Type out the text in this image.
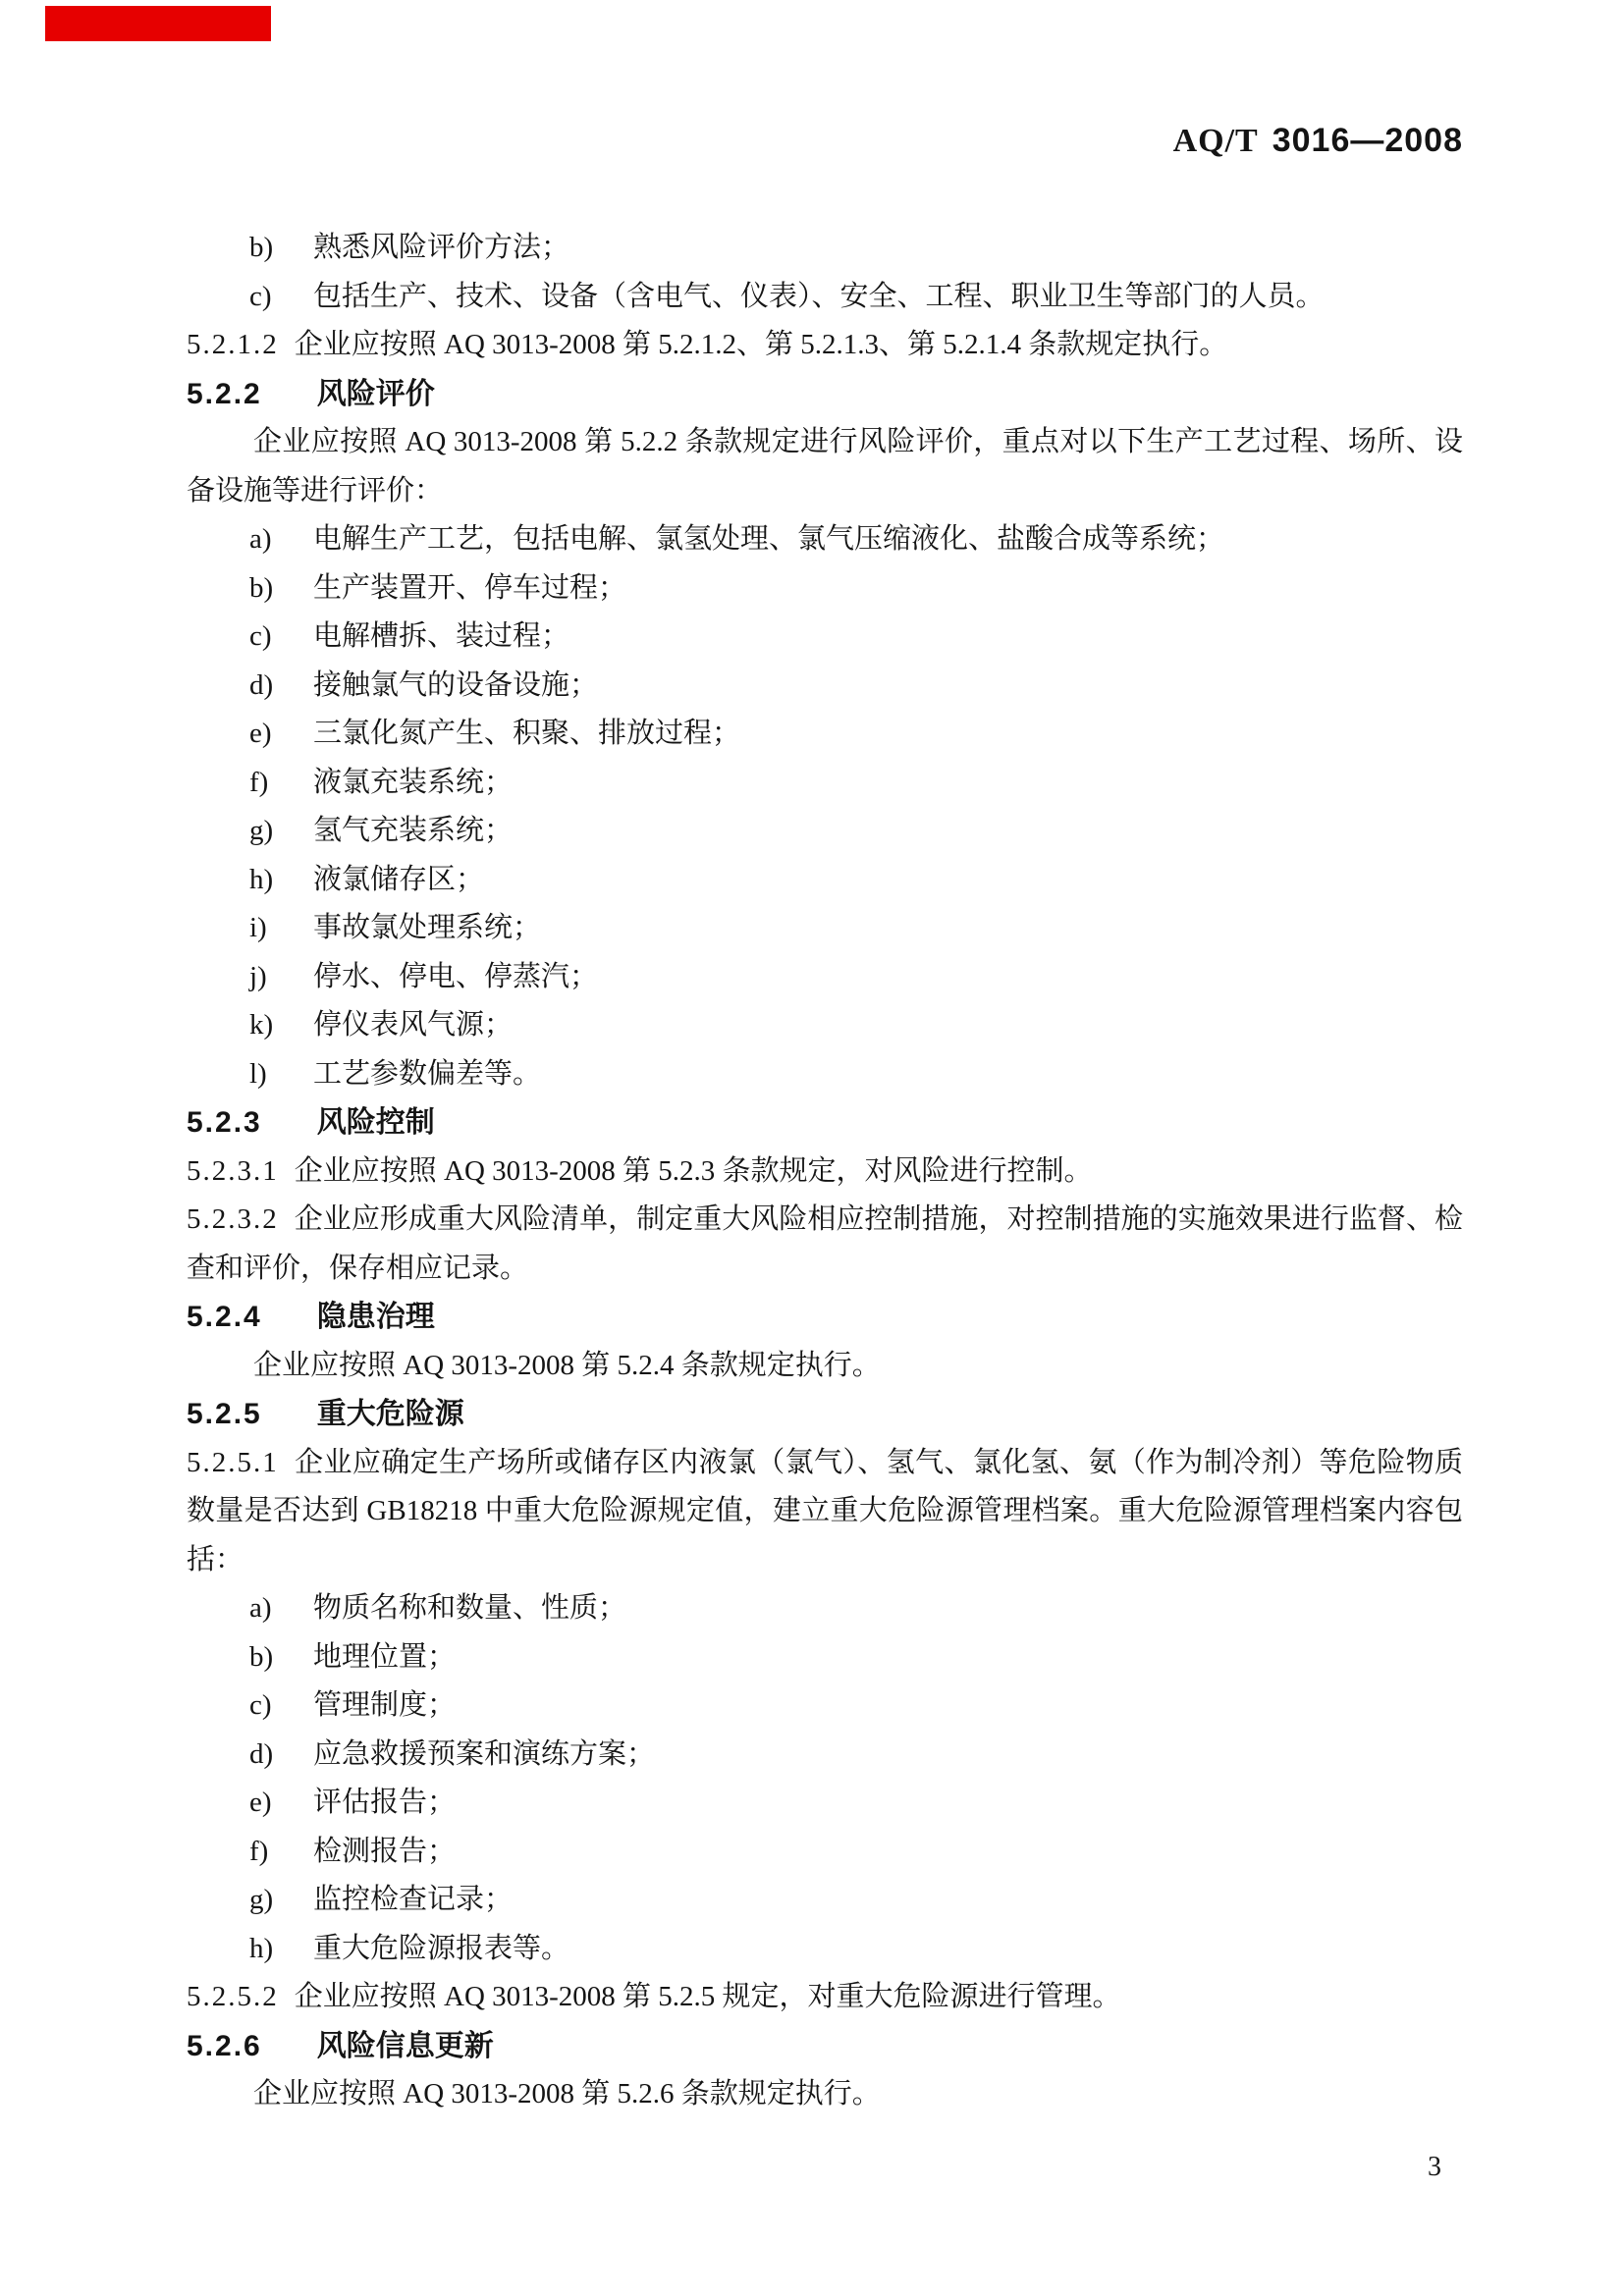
AQ/T 3016—2008
b)	熟悉风险评价方法；
c)	包括生产、技术、设备（含电气、仪表）、安全、工程、职业卫生等部门的人员。
5.2.1.2 企业应按照 AQ 3013-2008 第 5.2.1.2、第 5.2.1.3、第 5.2.1.4 条款规定执行。
5.2.2 风险评价
企业应按照 AQ 3013-2008 第 5.2.2 条款规定进行风险评价，重点对以下生产工艺过程、场所、设备设施等进行评价：
a)	电解生产工艺，包括电解、氯氢处理、氯气压缩液化、盐酸合成等系统；
b)	生产装置开、停车过程；
c)	电解槽拆、装过程；
d)	接触氯气的设备设施；
e)	三氯化氮产生、积聚、排放过程；
f)	液氯充装系统；
g)	氢气充装系统；
h)	液氯储存区；
i)	事故氯处理系统；
j)	停水、停电、停蒸汽；
k)	停仪表风气源；
l)	工艺参数偏差等。
5.2.3 风险控制
5.2.3.1 企业应按照 AQ 3013-2008 第 5.2.3 条款规定，对风险进行控制。
5.2.3.2 企业应形成重大风险清单，制定重大风险相应控制措施，对控制措施的实施效果进行监督、检查和评价，保存相应记录。
5.2.4 隐患治理
企业应按照 AQ 3013-2008 第 5.2.4 条款规定执行。
5.2.5 重大危险源
5.2.5.1 企业应确定生产场所或储存区内液氯（氯气）、氢气、氯化氢、氨（作为制冷剂）等危险物质数量是否达到 GB18218 中重大危险源规定值，建立重大危险源管理档案。重大危险源管理档案内容包括：
a)	物质名称和数量、性质；
b)	地理位置；
c)	管理制度；
d)	应急救援预案和演练方案；
e)	评估报告；
f)	检测报告；
g)	监控检查记录；
h)	重大危险源报表等。
5.2.5.2 企业应按照 AQ 3013-2008 第 5.2.5 规定，对重大危险源进行管理。
5.2.6 风险信息更新
企业应按照 AQ 3013-2008 第 5.2.6 条款规定执行。
3
